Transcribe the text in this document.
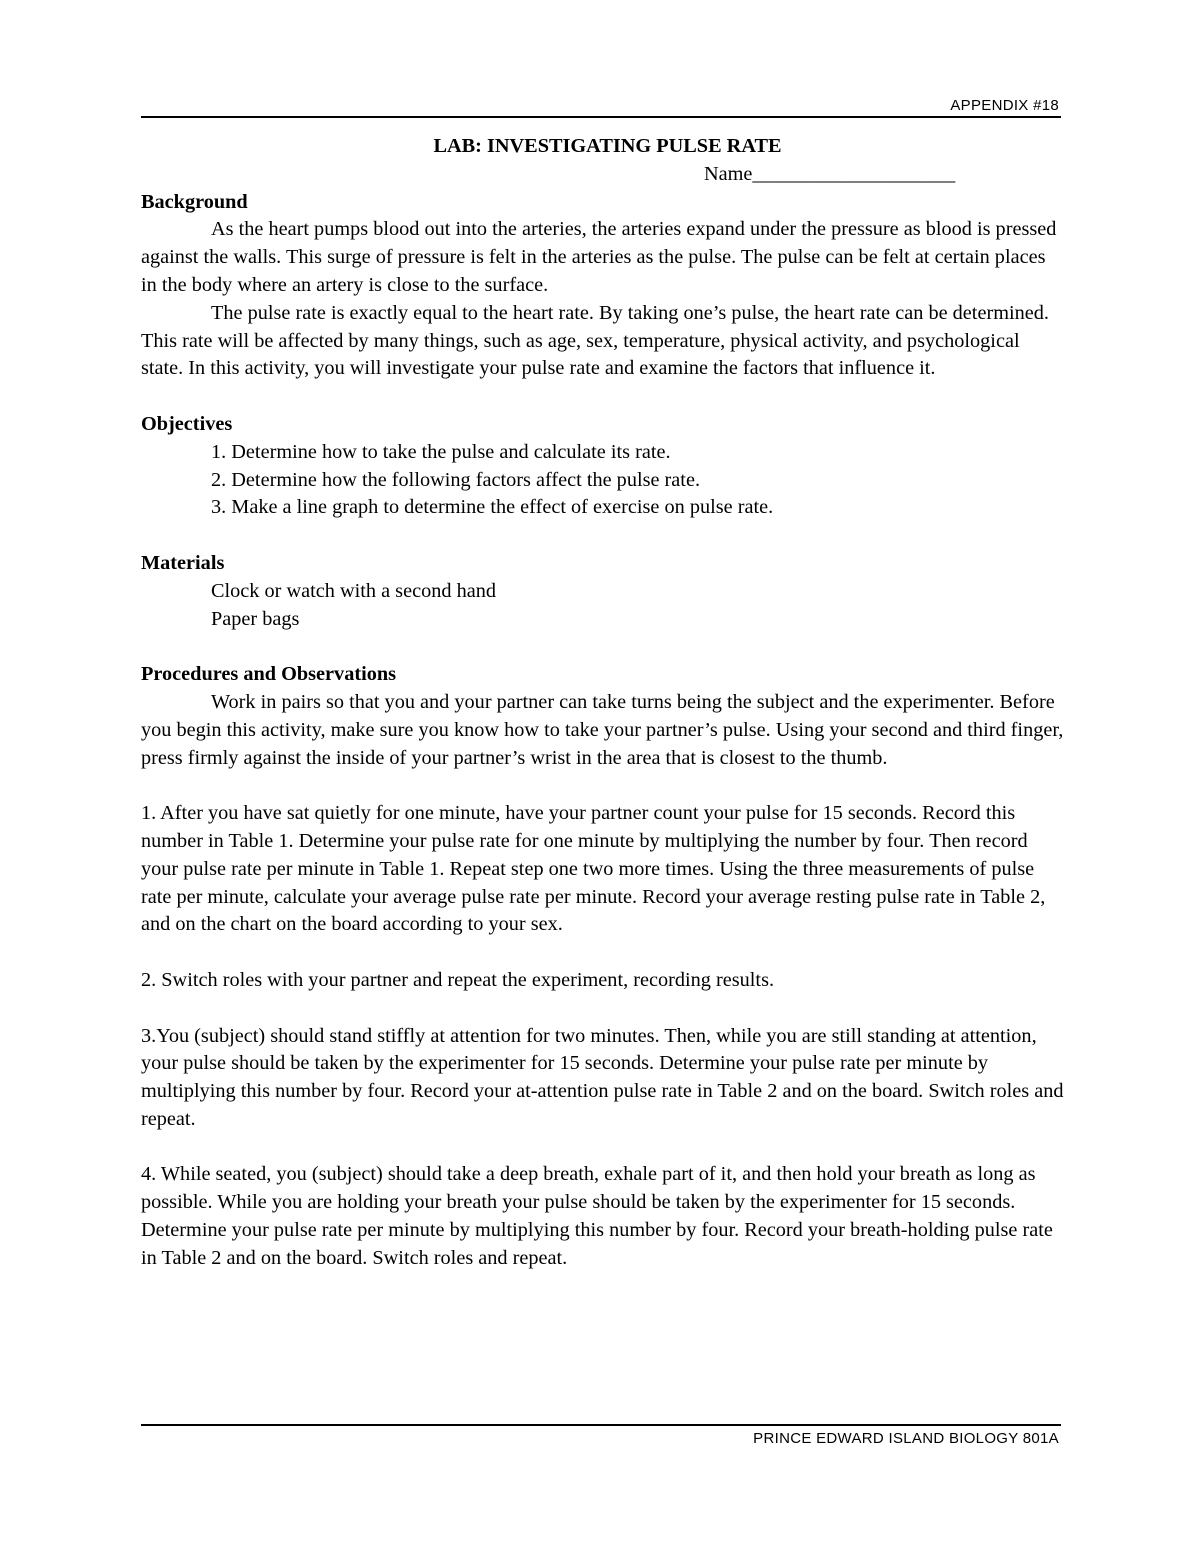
APPENDIX #18

LAB: INVESTIGATING PULSE RATE

Name____________________

Background

As the heart pumps blood out into the arteries, the arteries expand under the pressure as blood is pressed against the walls. This surge of pressure is felt in the arteries as the pulse. The pulse can be felt at certain places in the body where an artery is close to the surface.

The pulse rate is exactly equal to the heart rate. By taking one’s pulse, the heart rate can be determined. This rate will be affected by many things, such as age, sex, temperature, physical activity, and psychological state. In this activity, you will investigate your pulse rate and examine the factors that influence it.

Objectives

1. Determine how to take the pulse and calculate its rate.

2. Determine how the following factors affect the pulse rate.

3. Make a line graph to determine the effect of exercise on pulse rate.

Materials

Clock or watch with a second hand

Paper bags

Procedures and Observations

Work in pairs so that you and your partner can take turns being the subject and the experimenter. Before you begin this activity, make sure you know how to take your partner’s pulse. Using your second and third finger, press firmly against the inside of your partner’s wrist in the area that is closest to the thumb.

1. After you have sat quietly for one minute, have your partner count your pulse for 15 seconds. Record this number in Table 1. Determine your pulse rate for one minute by multiplying the number by four. Then record your pulse rate per minute in Table 1. Repeat step one two more times. Using the three measurements of pulse rate per minute, calculate your average pulse rate per minute. Record your average resting pulse rate in Table 2, and on the chart on the board according to your sex.

2. Switch roles with your partner and repeat the experiment, recording results.

3.You (subject) should stand stiffly at attention for two minutes. Then, while you are still standing at attention, your pulse should be taken by the experimenter for 15 seconds. Determine your pulse rate per minute by multiplying this number by four. Record your at-attention pulse rate in Table 2 and on the board. Switch roles and repeat.

4. While seated, you (subject) should take a deep breath, exhale part of it, and then hold your breath as long as possible. While you are holding your breath your pulse should be taken by the experimenter for 15 seconds. Determine your pulse rate per minute by multiplying this number by four. Record your breath-holding pulse rate in Table 2 and on the board. Switch roles and repeat.

PRINCE EDWARD ISLAND BIOLOGY 801A
